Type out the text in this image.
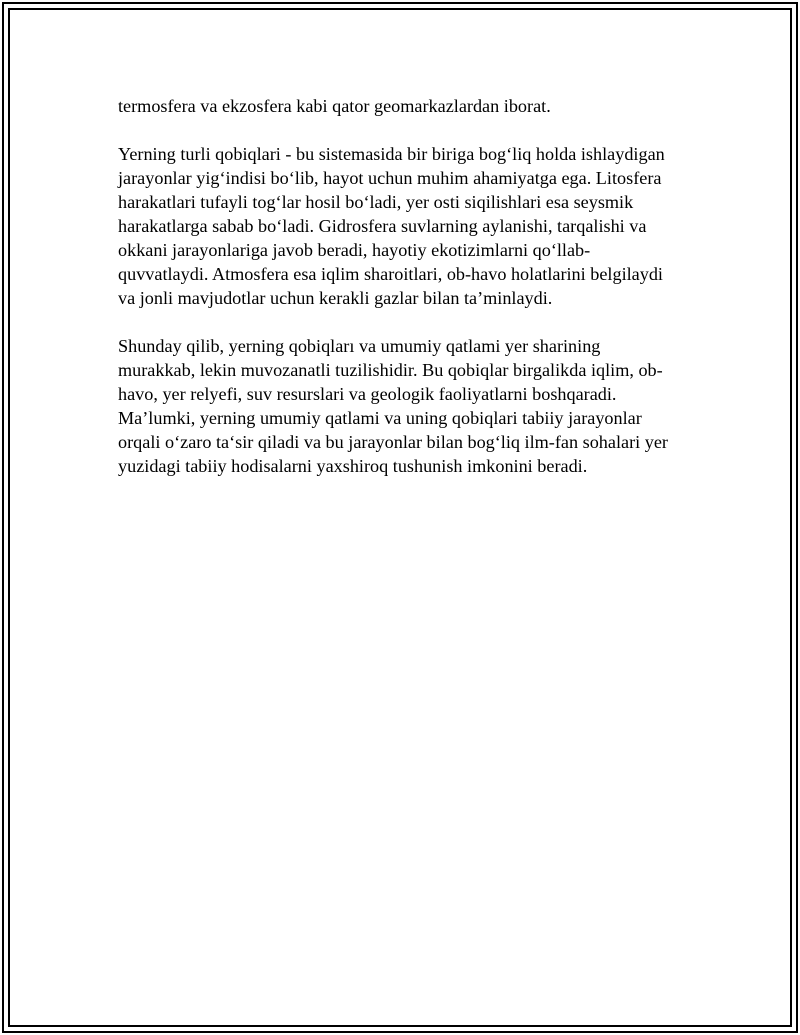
termosfera va ekzosfera kabi qator geomarkazlardan iborat.

Yerning turli qobiqlari - bu sistemasida bir biriga bog‘liq holda ishlaydigan jarayonlar yig‘indisi bo‘lib, hayot uchun muhim ahamiyatga ega. Litosfera harakatlari tufayli tog‘lar hosil bo‘ladi, yer osti siqilishlari esa seysmik harakatlarga sabab bo‘ladi. Gidrosfera suvlarning aylanishi, tarqalishi va okkani jarayonlariga javob beradi, hayotiy ekotizimlarni qo‘llab-quvvatlaydi. Atmosfera esa iqlim sharoitlari, ob-havo holatlarini belgilaydi va jonli mavjudotlar uchun kerakli gazlar bilan ta’minlaydi.

Shunday qilib, yerning qobiqları va umumiy qatlami yer sharining murakkab, lekin muvozanatli tuzilishidir. Bu qobiqlar birgalikda iqlim, ob-havo, yer relyefi, suv resurslari va geologik faoliyatlarni boshqaradi. Ma’lumki, yerning umumiy qatlami va uning qobiqlari tabiiy jarayonlar orqali o‘zaro ta‘sir qiladi va bu jarayonlar bilan bog‘liq ilm-fan sohalari yer yuzidagi tabiiy hodisalarni yaxshiroq tushunish imkonini beradi.
